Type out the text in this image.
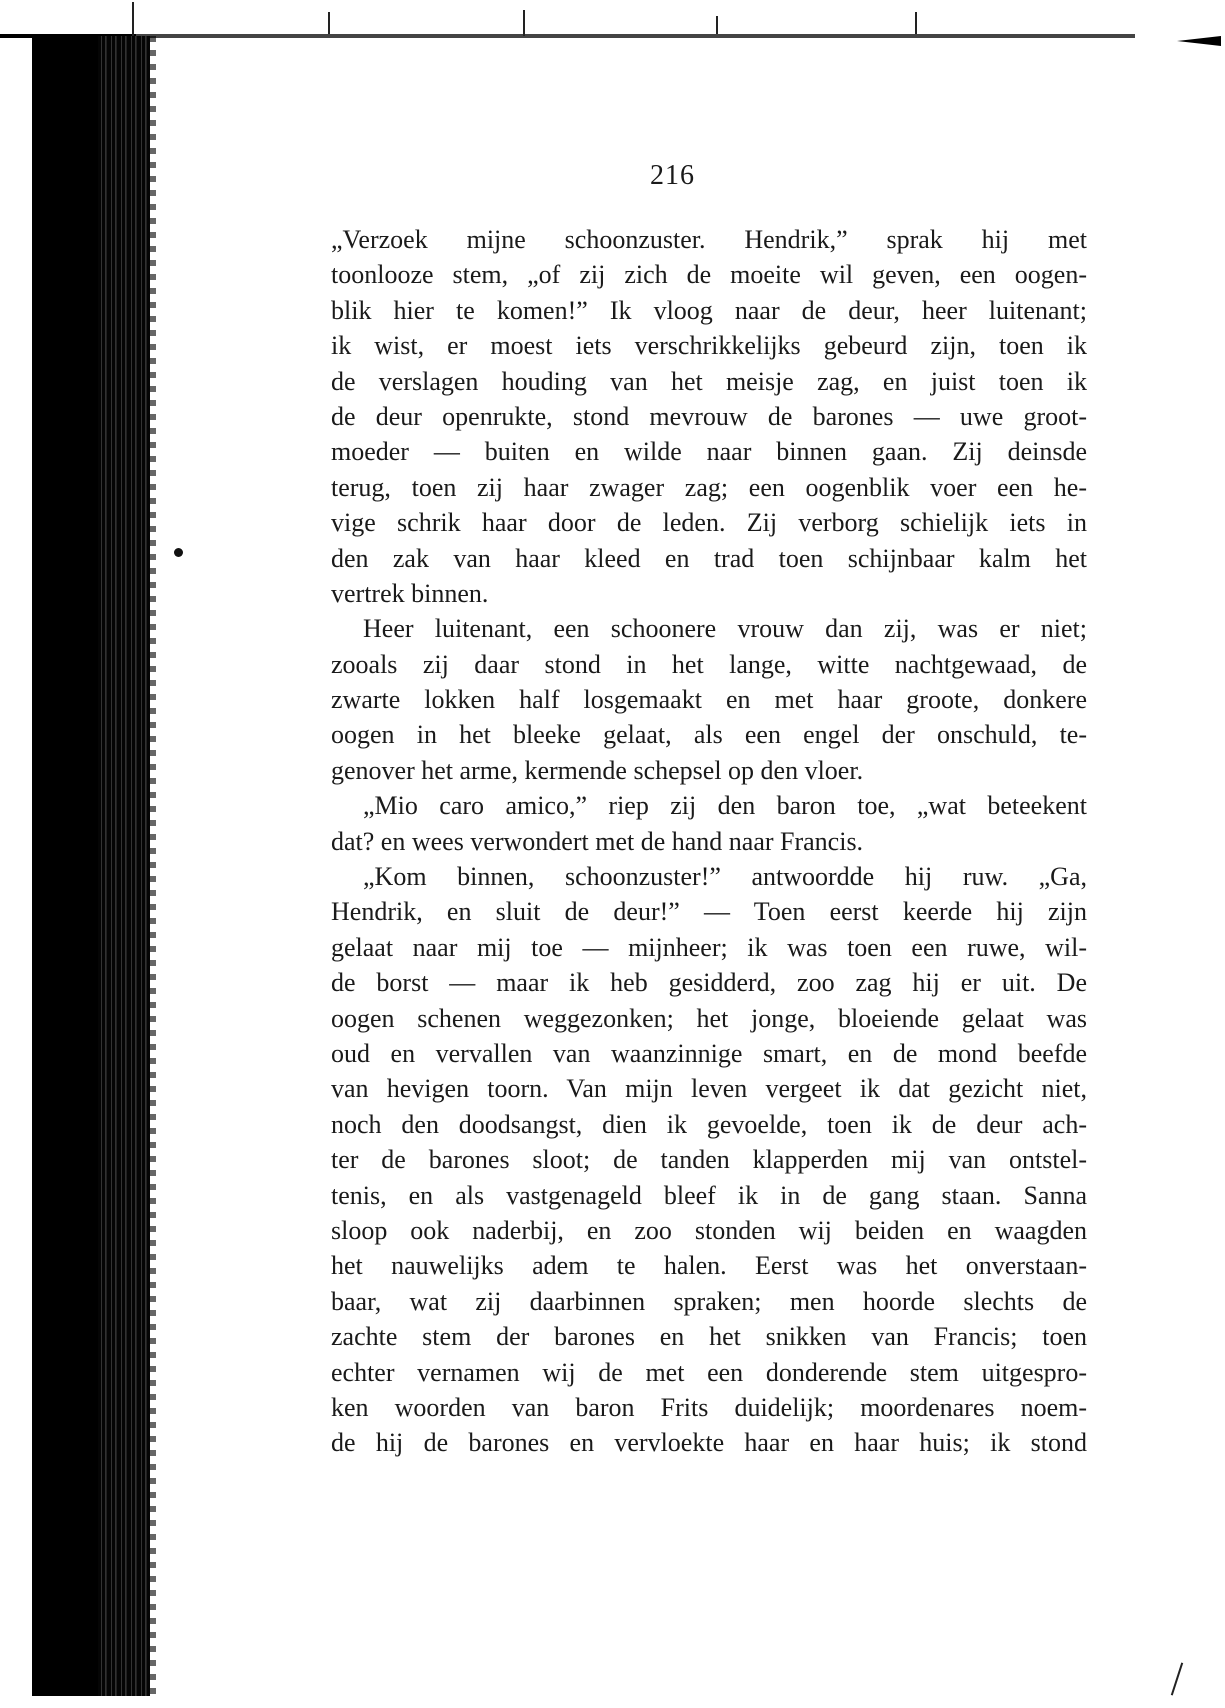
216
„Verzoek mijne schoonzuster. Hendrik,” sprak hij met
toonlooze stem, „of zij zich de moeite wil geven, een oogen-
blik hier te komen!” Ik vloog naar de deur, heer luitenant;
ik wist, er moest iets verschrikkelijks gebeurd zijn, toen ik
de verslagen houding van het meisje zag, en juist toen ik
de deur openrukte, stond mevrouw de barones — uwe groot-
moeder — buiten en wilde naar binnen gaan. Zij deinsde
terug, toen zij haar zwager zag; een oogenblik voer een he-
vige schrik haar door de leden. Zij verborg schielijk iets in
den zak van haar kleed en trad toen schijnbaar kalm het
vertrek binnen.
Heer luitenant, een schoonere vrouw dan zij, was er niet;
zooals zij daar stond in het lange, witte nachtgewaad, de
zwarte lokken half losgemaakt en met haar groote, donkere
oogen in het bleeke gelaat, als een engel der onschuld, te-
genover het arme, kermende schepsel op den vloer.
„Mio caro amico,” riep zij den baron toe, „wat beteekent
dat? en wees verwondert met de hand naar Francis.
„Kom binnen, schoonzuster!” antwoordde hij ruw. „Ga,
Hendrik, en sluit de deur!” — Toen eerst keerde hij zijn
gelaat naar mij toe — mijnheer; ik was toen een ruwe, wil-
de borst — maar ik heb gesidderd, zoo zag hij er uit. De
oogen schenen weggezonken; het jonge, bloeiende gelaat was
oud en vervallen van waanzinnige smart, en de mond beefde
van hevigen toorn. Van mijn leven vergeet ik dat gezicht niet,
noch den doodsangst, dien ik gevoelde, toen ik de deur ach-
ter de barones sloot; de tanden klapperden mij van ontstel-
tenis, en als vastgenageld bleef ik in de gang staan. Sanna
sloop ook naderbij, en zoo stonden wij beiden en waagden
het nauwelijks adem te halen. Eerst was het onverstaan-
baar, wat zij daarbinnen spraken; men hoorde slechts de
zachte stem der barones en het snikken van Francis; toen
echter vernamen wij de met een donderende stem uitgespro-
ken woorden van baron Frits duidelijk; moordenares noem-
de hij de barones en vervloekte haar en haar huis; ik stond
